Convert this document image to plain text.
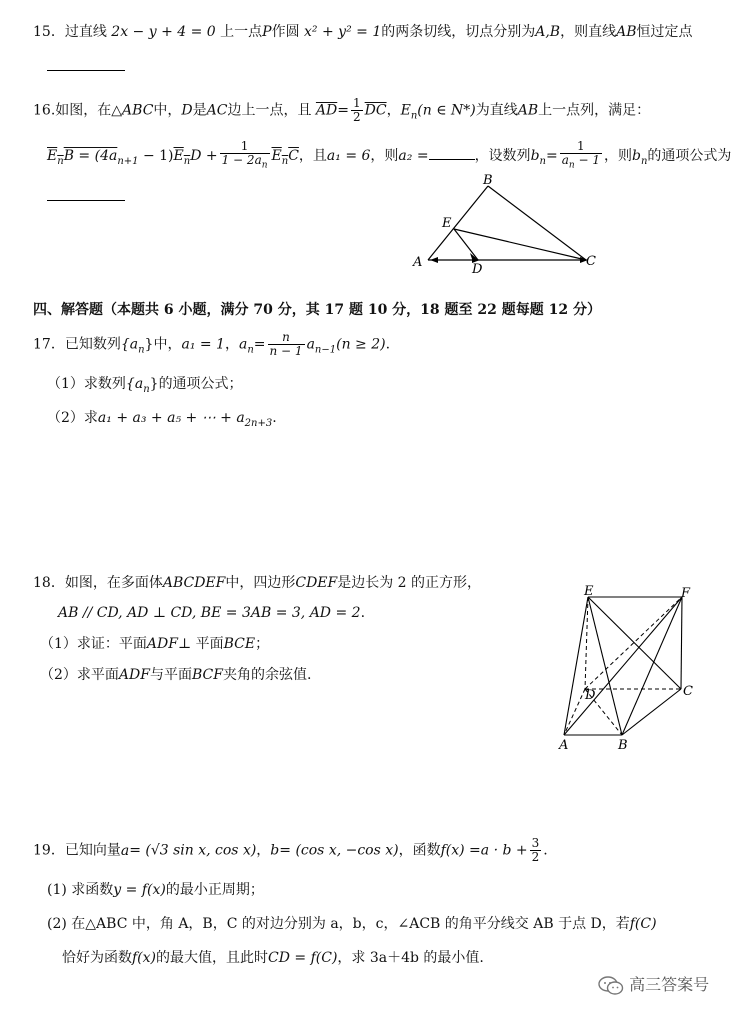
15．过直线 2x − y + 4 = 0 上一点P作圆 x² + y² = 1的两条切线，切点分别为A,B，则直线AB恒过定点
16.如图，在△ABC中，D是AC边上一点，且 $\overline{AD}= \frac{1}{2} \overline{DC}$，$E_n(n$ ∈ N*)为直线AB上一点列，满足：
$E_nB = (4a_{n+1} - 1)E_nD + \frac{1}{1 - 2a_n} E_nC$，且a₁ = 6，则a₂ =	，设数列$b_n= \frac{1}{a_n - 1}$ ，则$b_n$的通项公式为
B
E
A	D
C
四、解答题（本题共 6 小题，满分 70 分，其 17 题 10 分，18 题至 22 题每题 12 分）
17．已知数列$\{a_n\}$中，a₁ = 1，$a_n= \frac{n}{n - 1} a_{n-1}(n \ge 2)$.
（1）求数列$\{a_n\}$的通项公式；
（2）求a₁ + a₃ + a₅ + ⋯ + $a_{2n+3}$.
18．如图，在多面体ABCDEF中，四边形CDEF是边长为 2 的正方形，
AB // CD, AD ⊥ CD, BE = 3AB = 3, AD = 2.
（1）求证：平面ADF⊥ 平面BCE；
（2）求平面ADF与平面BCF夹角的余弦值.
E	F
D	C
A	B
19．已知向量a= (√3 sin x, cos x)，b= (cos x, −cos x)，函数$f(x) =a \cdot b + \frac{3}{2}$ .
(1) 求函数y = f(x)的最小正周期；
(2) 在△ABC 中，角 A，B，C 的对边分别为 a，b，c，∠ACB 的角平分线交 AB 于点 D，若f(C)
恰好为函数f(x)的最大值，且此时CD = f(C)，求 3a＋4b 的最小值.
高三答案号
